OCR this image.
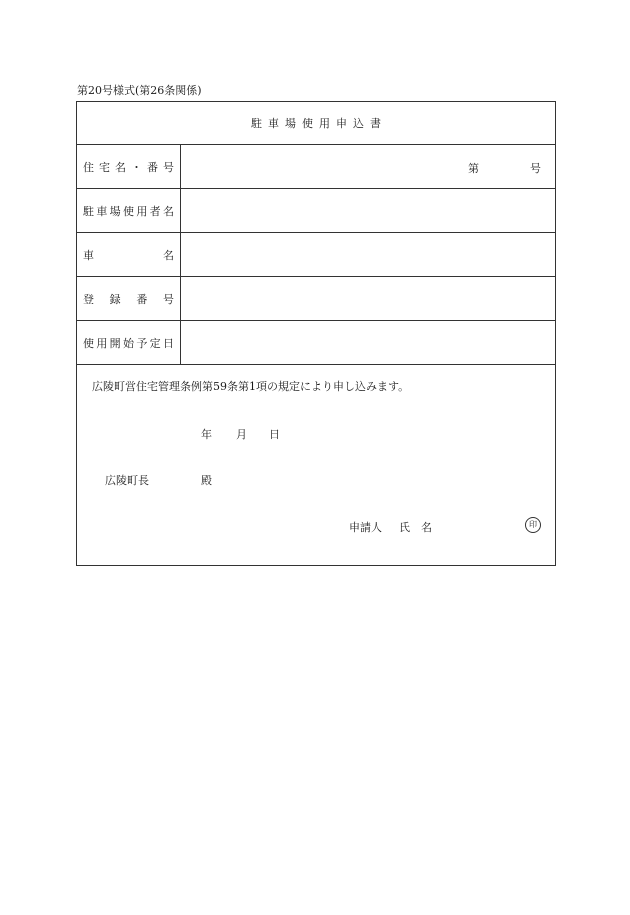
第20号様式(第26条関係)
駐車場使用申込書
住 宅 名 ・ 番 号	第	号
駐 車 場 使 用 者 名
車	名
登 録 番 号
使 用 開 始 予 定 日
広陵町営住宅管理条例第59条第1項の規定により申し込みます。
年 月 日
広陵町長	殿
申請人 氏　名	印
